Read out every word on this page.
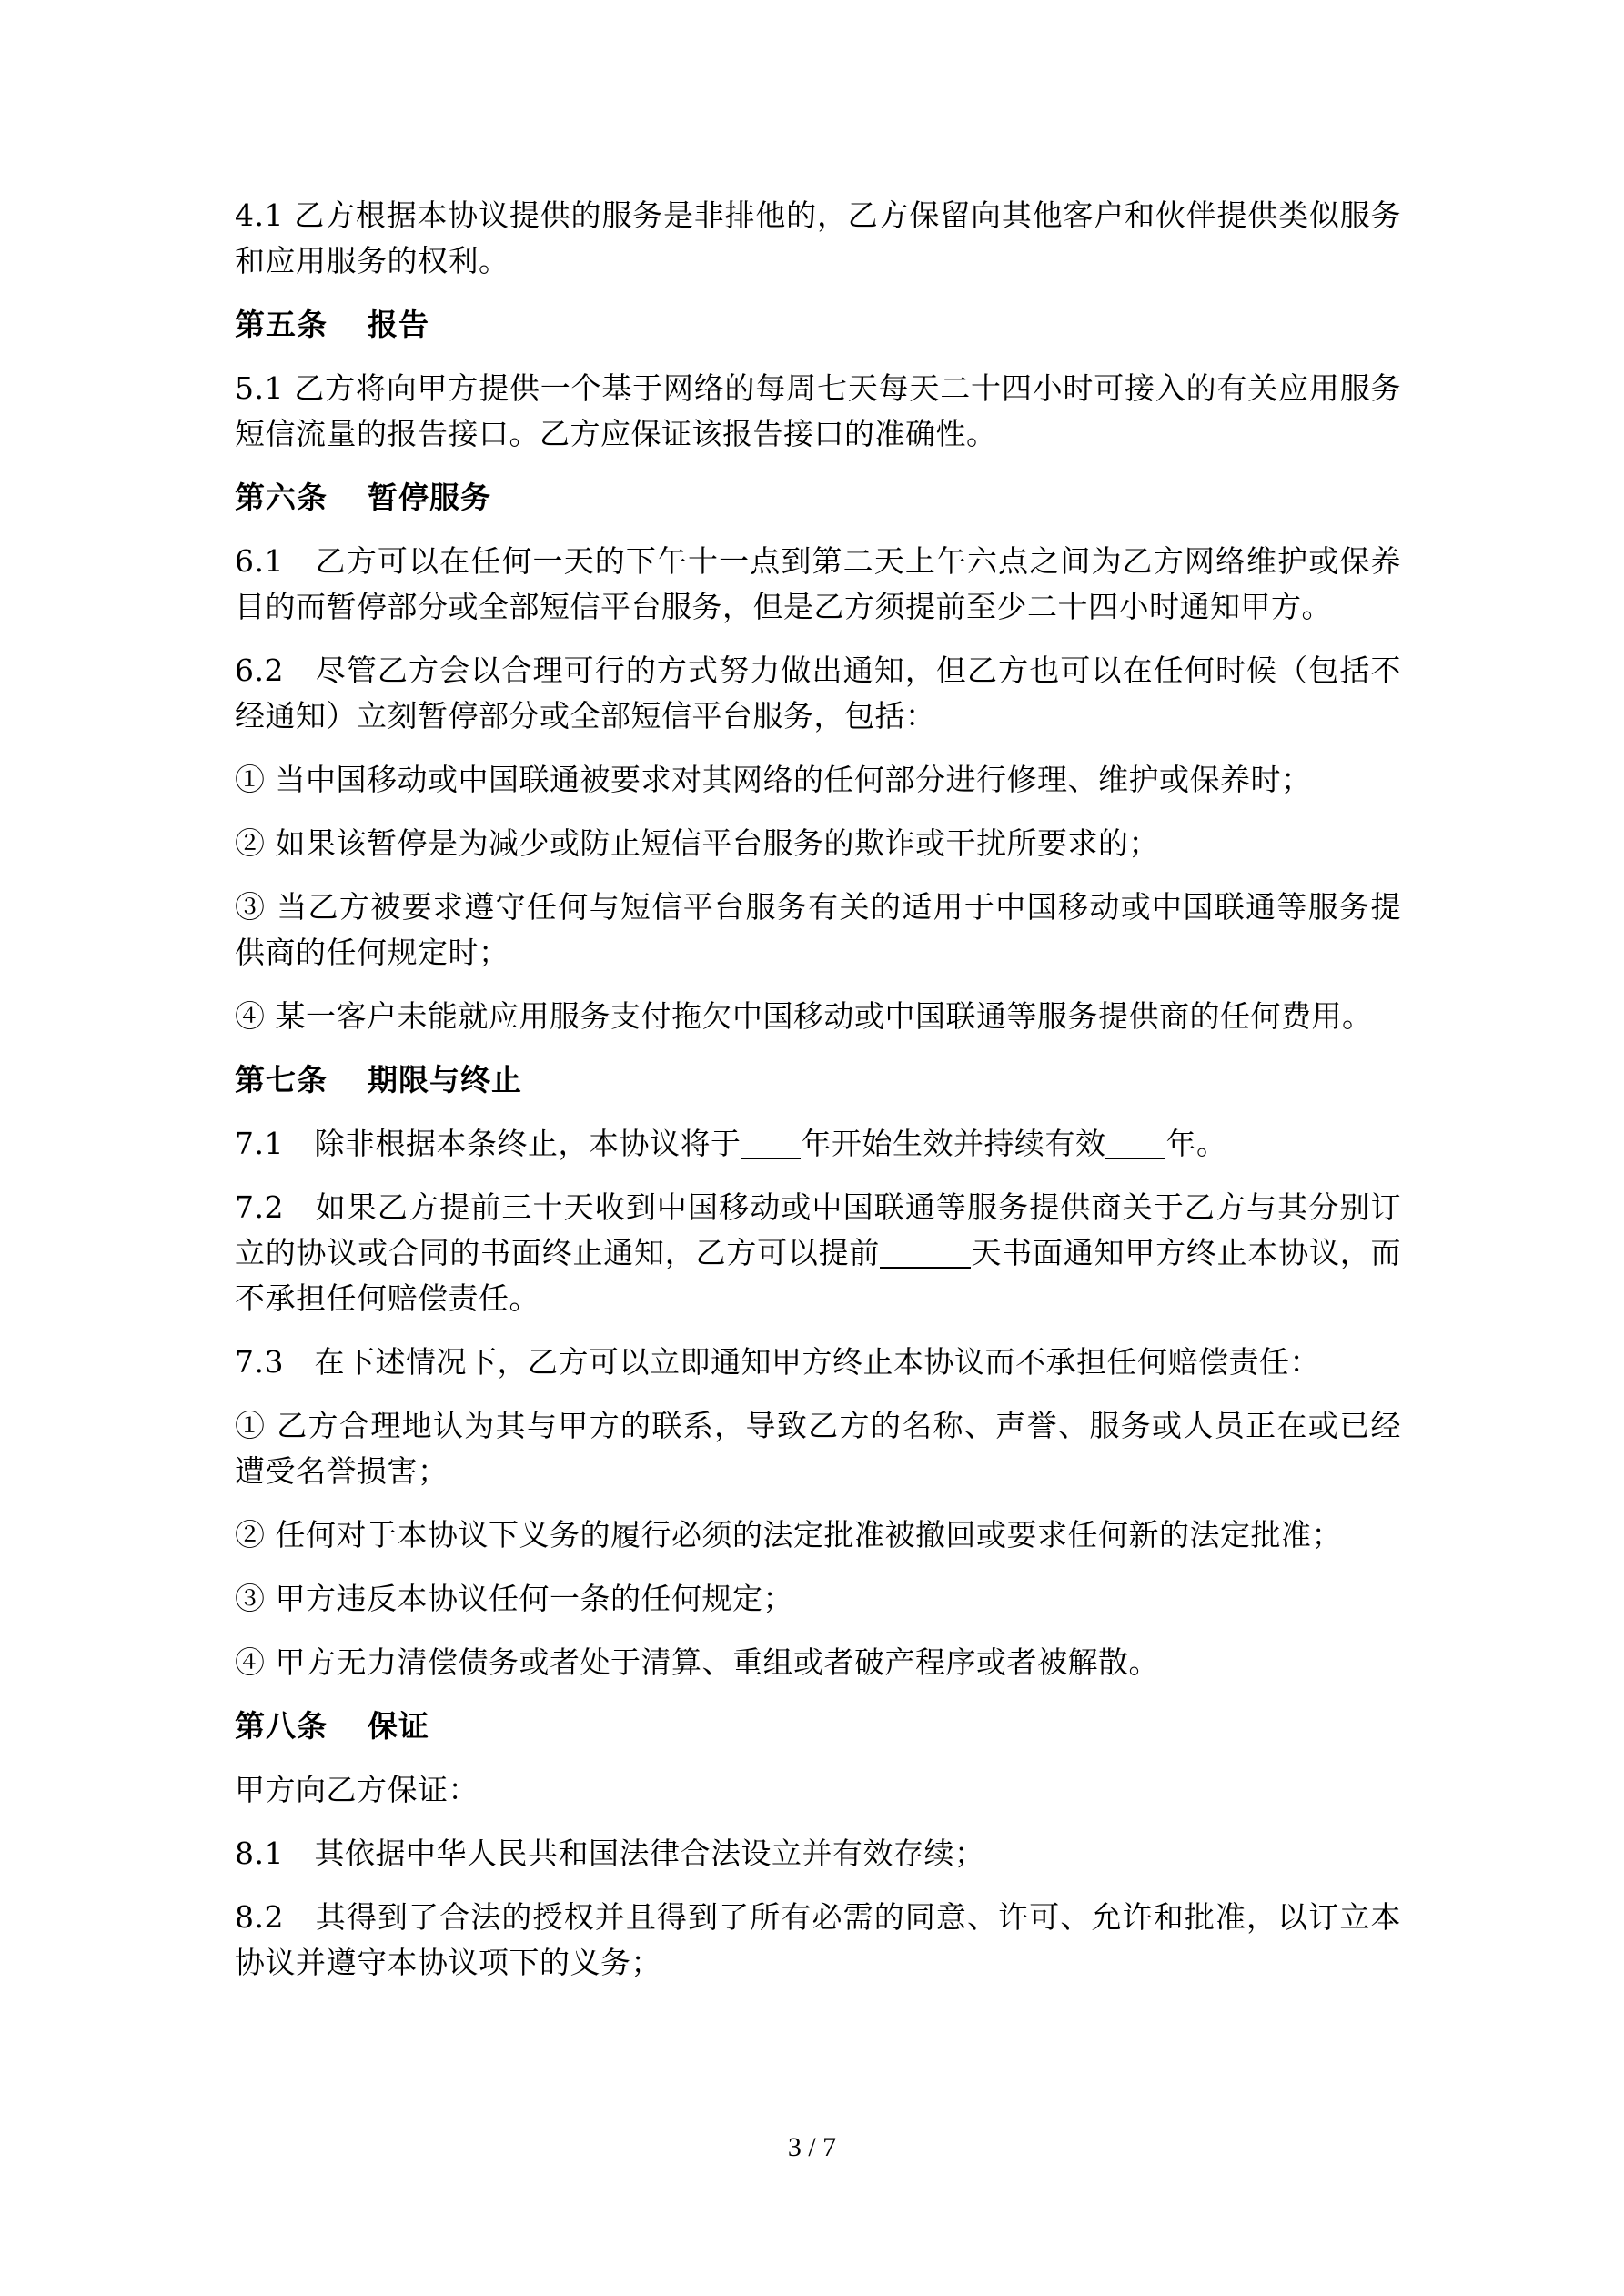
4.1 乙方根据本协议提供的服务是非排他的，乙方保留向其他客户和伙伴提供类似服务和应用服务的权利。

第五条 报告

5.1 乙方将向甲方提供一个基于网络的每周七天每天二十四小时可接入的有关应用服务短信流量的报告接口。乙方应保证该报告接口的准确性。

第六条 暂停服务

6.1　乙方可以在任何一天的下午十一点到第二天上午六点之间为乙方网络维护或保养目的而暂停部分或全部短信平台服务，但是乙方须提前至少二十四小时通知甲方。

6.2　尽管乙方会以合理可行的方式努力做出通知，但乙方也可以在任何时候（包括不经通知）立刻暂停部分或全部短信平台服务，包括：

① 当中国移动或中国联通被要求对其网络的任何部分进行修理、维护或保养时；

② 如果该暂停是为减少或防止短信平台服务的欺诈或干扰所要求的；

③ 当乙方被要求遵守任何与短信平台服务有关的适用于中国移动或中国联通等服务提供商的任何规定时；

④ 某一客户未能就应用服务支付拖欠中国移动或中国联通等服务提供商的任何费用。

第七条 期限与终止

7.1　除非根据本条终止，本协议将于 年开始生效并持续有效 年。

7.2　如果乙方提前三十天收到中国移动或中国联通等服务提供商关于乙方与其分别订立的协议或合同的书面终止通知，乙方可以提前	天书面通知甲方终止本协议，而不承担任何赔偿责任。

7.3　在下述情况下，乙方可以立即通知甲方终止本协议而不承担任何赔偿责任：

① 乙方合理地认为其与甲方的联系，导致乙方的名称、声誉、服务或人员正在或已经遭受名誉损害；

② 任何对于本协议下义务的履行必须的法定批准被撤回或要求任何新的法定批准；

③ 甲方违反本协议任何一条的任何规定；

④ 甲方无力清偿债务或者处于清算、重组或者破产程序或者被解散。

第八条 保证

甲方向乙方保证：

8.1　其依据中华人民共和国法律合法设立并有效存续；

8.2　其得到了合法的授权并且得到了所有必需的同意、许可、允许和批准，以订立本协议并遵守本协议项下的义务；

3 / 7
